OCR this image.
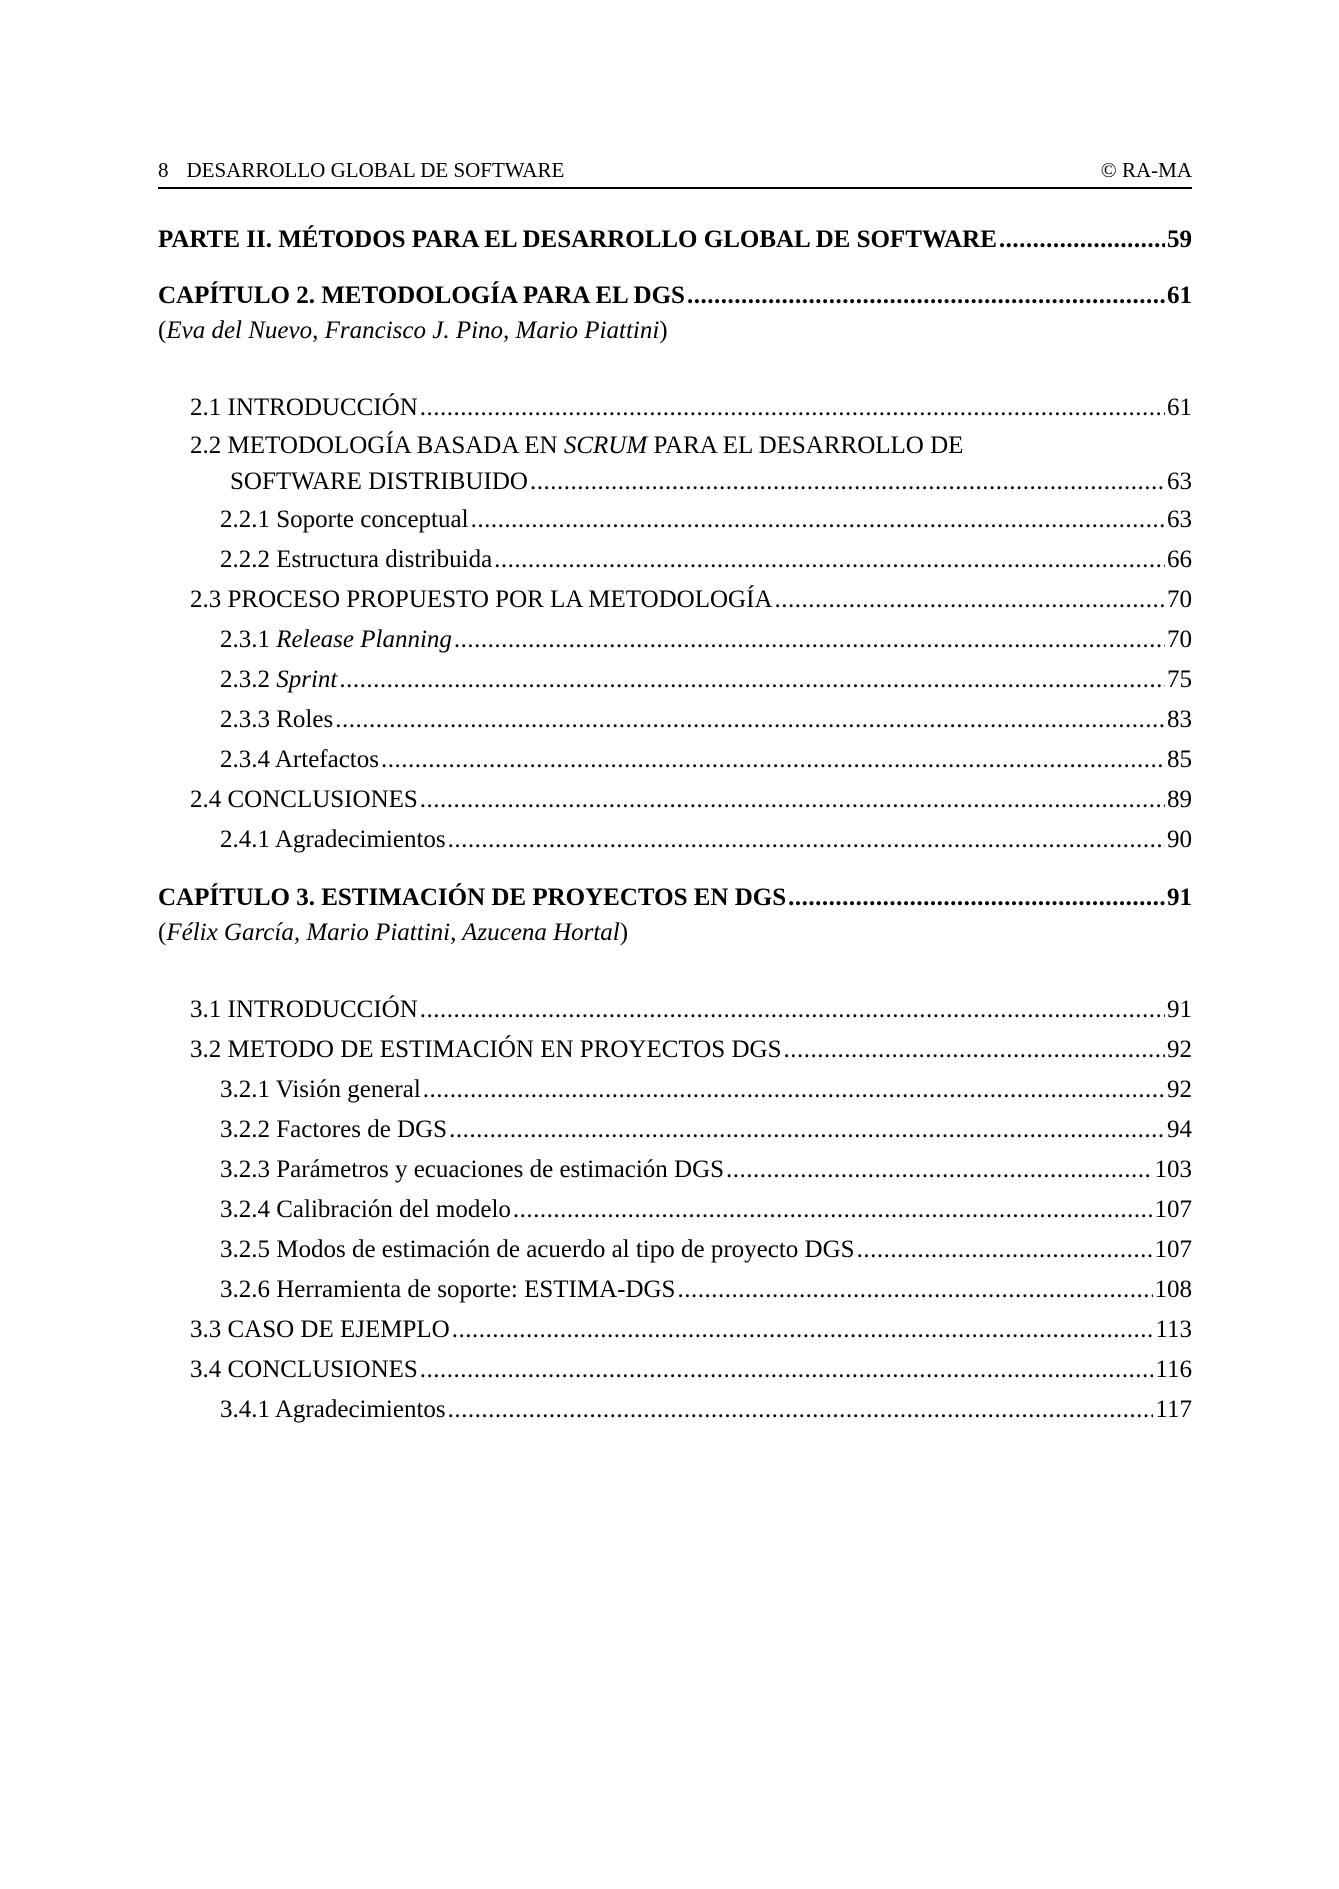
8 DESARROLLO GLOBAL DE SOFTWARE	© RA-MA
PARTE II. MÉTODOS PARA EL DESARROLLO GLOBAL DE SOFTWARE .....	59
CAPÍTULO 2. METODOLOGÍA PARA EL DGS .....	61
(Eva del Nuevo, Francisco J. Pino, Mario Piattini)
2.1 INTRODUCCIÓN .....	61
2.2 METODOLOGÍA BASADA EN SCRUM PARA EL DESARROLLO DE
SOFTWARE DISTRIBUIDO .....	63
2.2.1 Soporte conceptual .....	63
2.2.2 Estructura distribuida .....	66
2.3 PROCESO PROPUESTO POR LA METODOLOGÍA .....	70
2.3.1 Release Planning .....	70
2.3.2 Sprint .....	75
2.3.3 Roles .....	83
2.3.4 Artefactos .....	85
2.4 CONCLUSIONES .....	89
2.4.1 Agradecimientos .....	90
CAPÍTULO 3. ESTIMACIÓN DE PROYECTOS EN DGS .....	91
(Félix García, Mario Piattini, Azucena Hortal)
3.1 INTRODUCCIÓN .....	91
3.2 METODO DE ESTIMACIÓN EN PROYECTOS DGS .....	92
3.2.1 Visión general .....	92
3.2.2 Factores de DGS .....	94
3.2.3 Parámetros y ecuaciones de estimación DGS .....	103
3.2.4 Calibración del modelo .....	107
3.2.5 Modos de estimación de acuerdo al tipo de proyecto DGS .....	107
3.2.6 Herramienta de soporte: ESTIMA-DGS .....	108
3.3 CASO DE EJEMPLO .....	113
3.4 CONCLUSIONES .....	116
3.4.1 Agradecimientos .....	117
